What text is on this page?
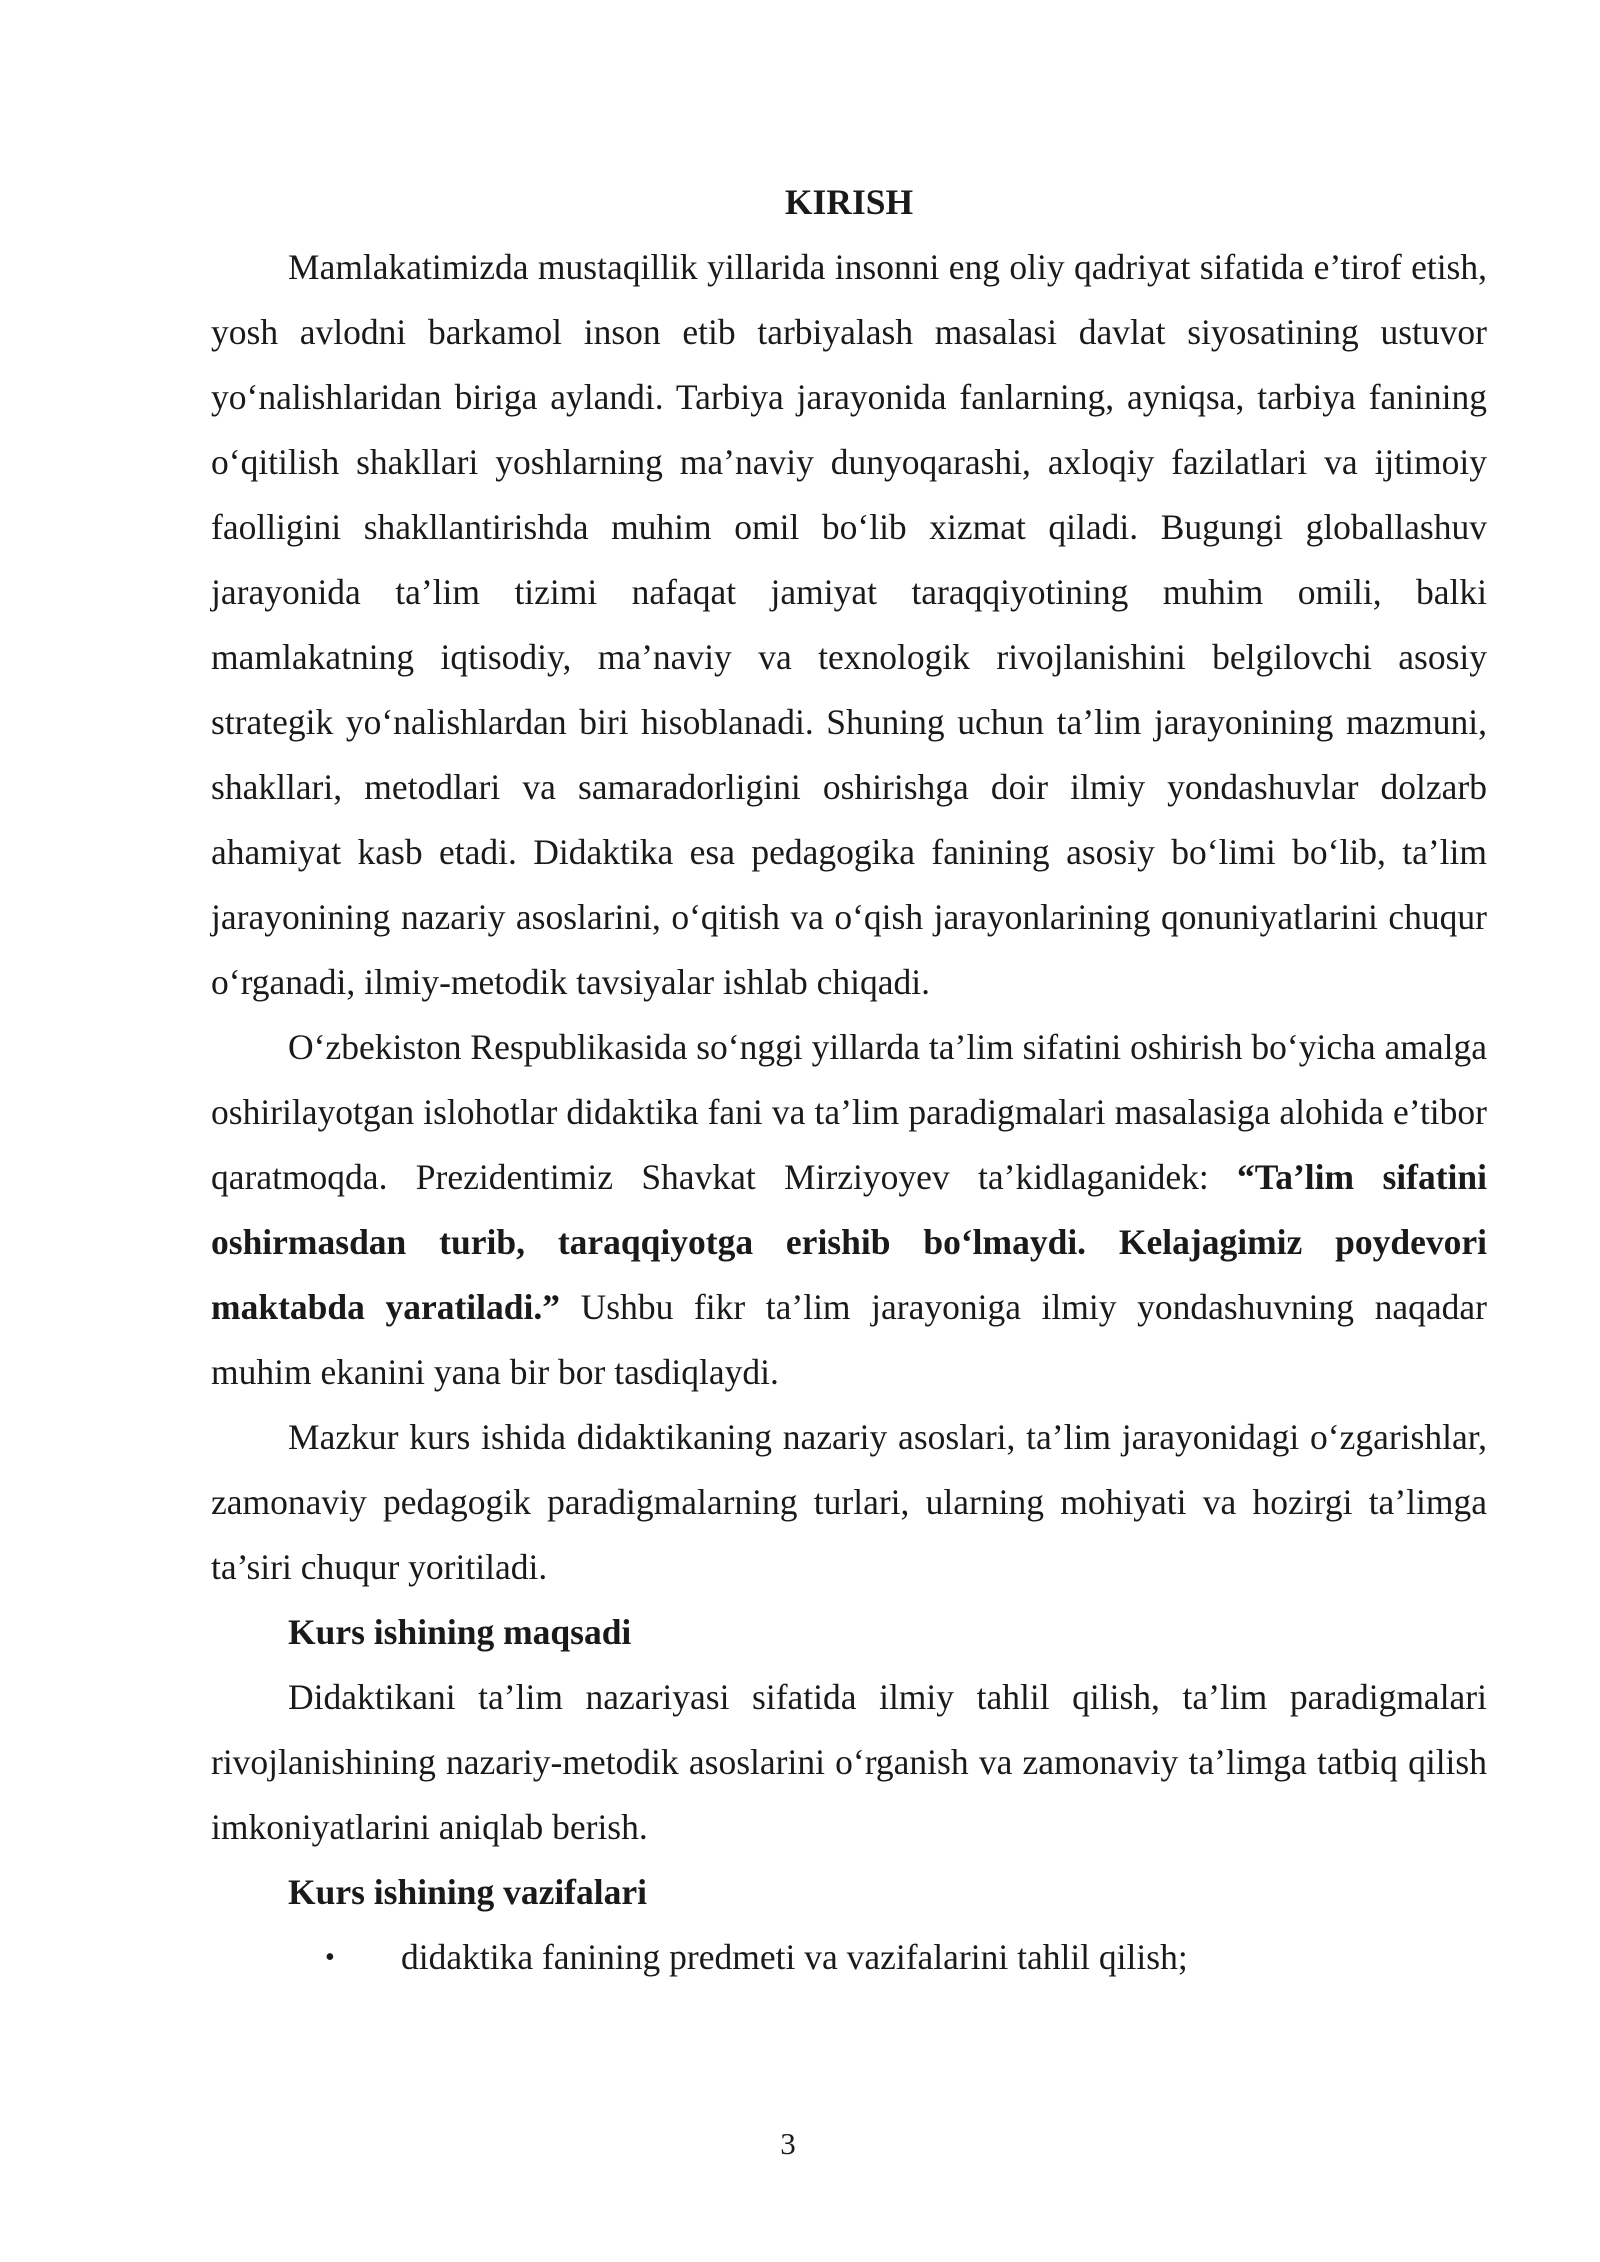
KIRISH

Mamlakatimizda mustaqillik yillarida insonni eng oliy qadriyat sifatida e’tirof etish, yosh avlodni barkamol inson etib tarbiyalash masalasi davlat siyosatining ustuvor yo‘nalishlaridan biriga aylandi. Tarbiya jarayonida fanlarning, ayniqsa, tarbiya fanining o‘qitilish shakllari yoshlarning ma’naviy dunyoqarashi, axloqiy fazilatlari va ijtimoiy faolligini shakllantirishda muhim omil bo‘lib xizmat qiladi. Bugungi globallashuv jarayonida ta’lim tizimi nafaqat jamiyat taraqqiyotining muhim omili, balki mamlakatning iqtisodiy, ma’naviy va texnologik rivojlanishini belgilovchi asosiy strategik yo‘nalishlardan biri hisoblanadi. Shuning uchun ta’lim jarayonining mazmuni, shakllari, metodlari va samaradorligini oshirishga doir ilmiy yondashuvlar dolzarb ahamiyat kasb etadi. Didaktika esa pedagogika fanining asosiy bo‘limi bo‘lib, ta’lim jarayonining nazariy asoslarini, o‘qitish va o‘qish jarayonlarining qonuniyatlarini chuqur o‘rganadi, ilmiy-metodik tavsiyalar ishlab chiqadi.

O‘zbekiston Respublikasida so‘nggi yillarda ta’lim sifatini oshirish bo‘yicha amalga oshirilayotgan islohotlar didaktika fani va ta’lim paradigmalari masalasiga alohida e’tibor qaratmoqda. Prezidentimiz Shavkat Mirziyoyev ta’kidlaganidek: “Ta’lim sifatini oshirmasdan turib, taraqqiyotga erishib bo‘lmaydi. Kelajagimiz poydevori maktabda yaratiladi.” Ushbu fikr ta’lim jarayoniga ilmiy yondashuvning naqadar muhim ekanini yana bir bor tasdiqlaydi.

Mazkur kurs ishida didaktikaning nazariy asoslari, ta’lim jarayonidagi o‘zgarishlar, zamonaviy pedagogik paradigmalarning turlari, ularning mohiyati va hozirgi ta’limga ta’siri chuqur yoritiladi.

Kurs ishining maqsadi

Didaktikani ta’lim nazariyasi sifatida ilmiy tahlil qilish, ta’lim paradigmalari rivojlanishining nazariy-metodik asoslarini o‘rganish va zamonaviy ta’limga tatbiq qilish imkoniyatlarini aniqlab berish.

Kurs ishining vazifalari

• didaktika fanining predmeti va vazifalarini tahlil qilish;
3
